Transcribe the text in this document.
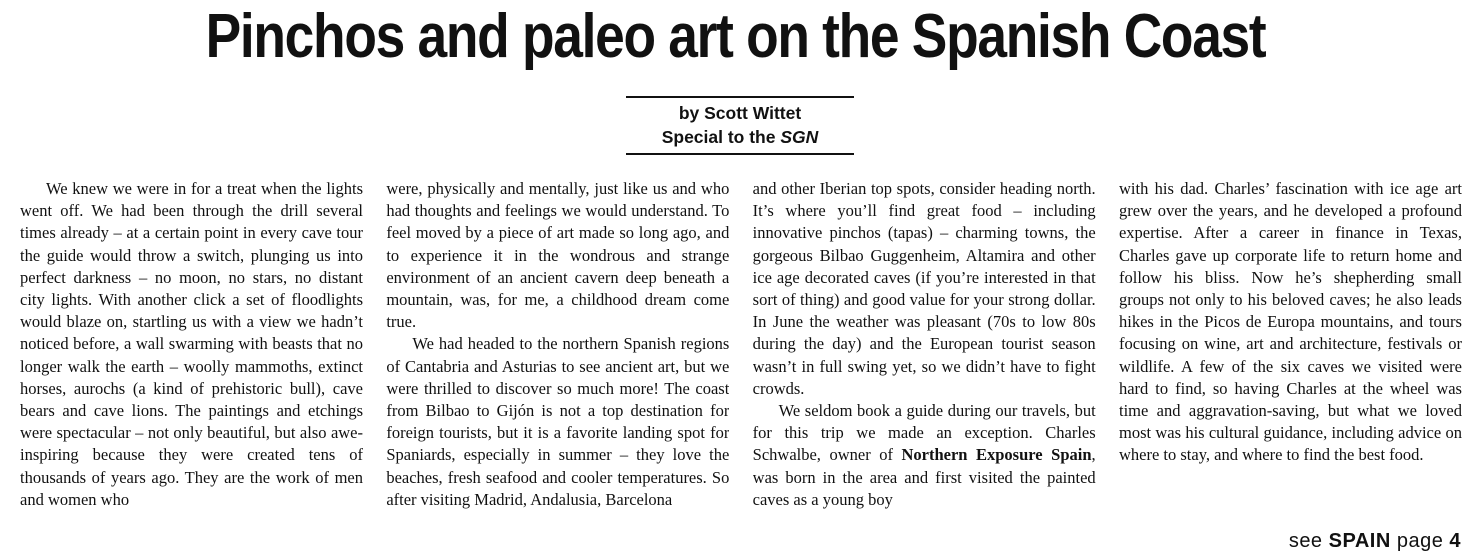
Pinchos and paleo art on the Spanish Coast
by Scott Wittet
Special to the SGN

We knew we were in for a treat when the lights went off. We had been through the drill several times already – at a certain point in every cave tour the guide would throw a switch, plunging us into perfect darkness – no moon, no stars, no distant city lights. With another click a set of floodlights would blaze on, startling us with a view we hadn’t noticed before, a wall swarming with beasts that no longer walk the earth – woolly mammoths, extinct horses, aurochs (a kind of prehistoric bull), cave bears and cave lions. The paintings and etchings were spectacular – not only beautiful, but also awe-inspiring because they were created tens of thousands of years ago. They are the work of men and women who

were, physically and mentally, just like us and who had thoughts and feelings we would understand. To feel moved by a piece of art made so long ago, and to experience it in the wondrous and strange environment of an ancient cavern deep beneath a mountain, was, for me, a childhood dream come true.

We had headed to the northern Spanish regions of Cantabria and Asturias to see ancient art, but we were thrilled to discover so much more! The coast from Bilbao to Gijón is not a top destination for foreign tourists, but it is a favorite landing spot for Spaniards, especially in summer – they love the beaches, fresh seafood and cooler temperatures. So after visiting Madrid, Andalusia, Barcelona

and other Iberian top spots, consider heading north. It’s where you’ll find great food – including innovative pinchos (tapas) – charming towns, the gorgeous Bilbao Guggenheim, Altamira and other ice age decorated caves (if you’re interested in that sort of thing) and good value for your strong dollar. In June the weather was pleasant (70s to low 80s during the day) and the European tourist season wasn’t in full swing yet, so we didn’t have to fight crowds.

We seldom book a guide during our travels, but for this trip we made an exception. Charles Schwalbe, owner of Northern Exposure Spain, was born in the area and first visited the painted caves as a young boy

with his dad. Charles’ fascination with ice age art grew over the years, and he developed a profound expertise. After a career in finance in Texas, Charles gave up corporate life to return home and follow his bliss. Now he’s shepherding small groups not only to his beloved caves; he also leads hikes in the Picos de Europa mountains, and tours focusing on wine, art and architecture, festivals or wildlife. A few of the six caves we visited were hard to find, so having Charles at the wheel was time and aggravation-saving, but what we loved most was his cultural guidance, including advice on where to stay, and where to find the best food.

see SPAIN page 4
